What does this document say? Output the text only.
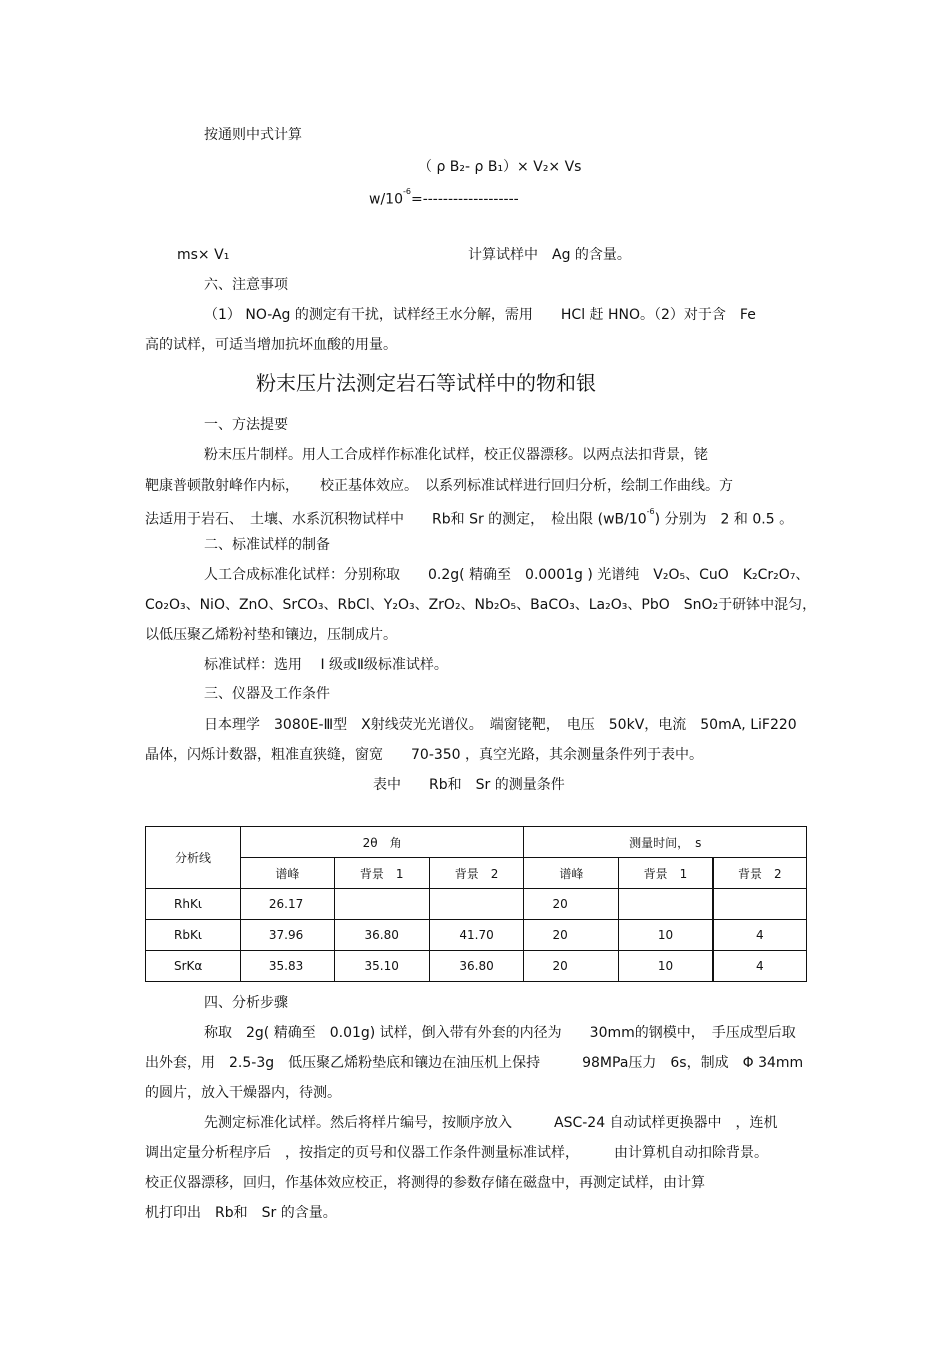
按通则中式计算
（ ρ B₂- ρ B₁）× V₂× Vs
$w/10^{-6}=-------------------$
ms× V₁	计算试样中　Ag 的含量。
六、注意事项
（1） NO-Ag 的测定有干扰，试样经王水分解，需用　　HCl 赶 HNO。（2）对于含　Fe
高的试样，可适当增加抗坏血酸的用量。
粉末压片法测定岩石等试样中的物和银
一、方法提要
粉末压片制样。用人工合成样作标准化试样，校正仪器漂移。以两点法扣背景，铑
靶康普顿散射峰作内标，　　校正基体效应。　以系列标准试样进行回归分析，绘制工作曲线。方
法适用于岩石、　土壤、水系沉积物试样中　　Rb和 Sr 的测定，　检出限 $(wB/10^{-6})$ 分别为　2 和 0.5 。
二、标准试样的制备
人工合成标准化试样：分别称取　　0.2g( 精确至　0.0001g ) 光谱纯　V₂O₅、CuO　K₂Cr₂O₇、
Co₂O₃、NiO、ZnO、SrCO₃、RbCl、Y₂O₃、ZrO₂、Nb₂O₅、BaCO₃、La₂O₃、PbO　SnO₂于研钵中混匀，
以低压聚乙烯粉衬垫和镶边，压制成片。
标准试样：选用　 I 级或Ⅱ级标准试样。
三、仪器及工作条件
日本理学　3080E-Ⅲ型　X射线荧光光谱仪。　端窗铑靶，　电压　50kV，电流　50mA, LiF220
晶体，闪烁计数器，粗准直狭缝，窗宽　　70-350 ，真空光路，其余测量条件列于表中。
表中　　Rb和　Sr 的测量条件
分析线	2θ　角			测量时间，　s		
	谱峰	背景　1	背景　2	谱峰	背景　1	背景　2
RhKι	26.17			20		
RbKι	37.96	36.80	41.70	20	10	4
SrKα	35.83	35.10	36.80	20	10	4
四、分析步骤
称取　2g( 精确至　0.01g) 试样，倒入带有外套的内径为　　30mm的钢模中，　手压成型后取
出外套，用　2.5-3g　低压聚乙烯粉垫底和镶边在油压机上保持　　　98MPa压力　6s，制成　Φ 34mm
的圆片，放入干燥器内，待测。
先测定标准化试样。然后将样片编号，按顺序放入　　　ASC-24 自动试样更换器中　，连机
调出定量分析程序后　，按指定的页号和仪器工作条件测量标准试样，　　　由计算机自动扣除背景。
校正仪器漂移，回归，作基体效应校正，将测得的参数存储在磁盘中，再测定试样，由计算
机打印出　Rb和　Sr 的含量。
